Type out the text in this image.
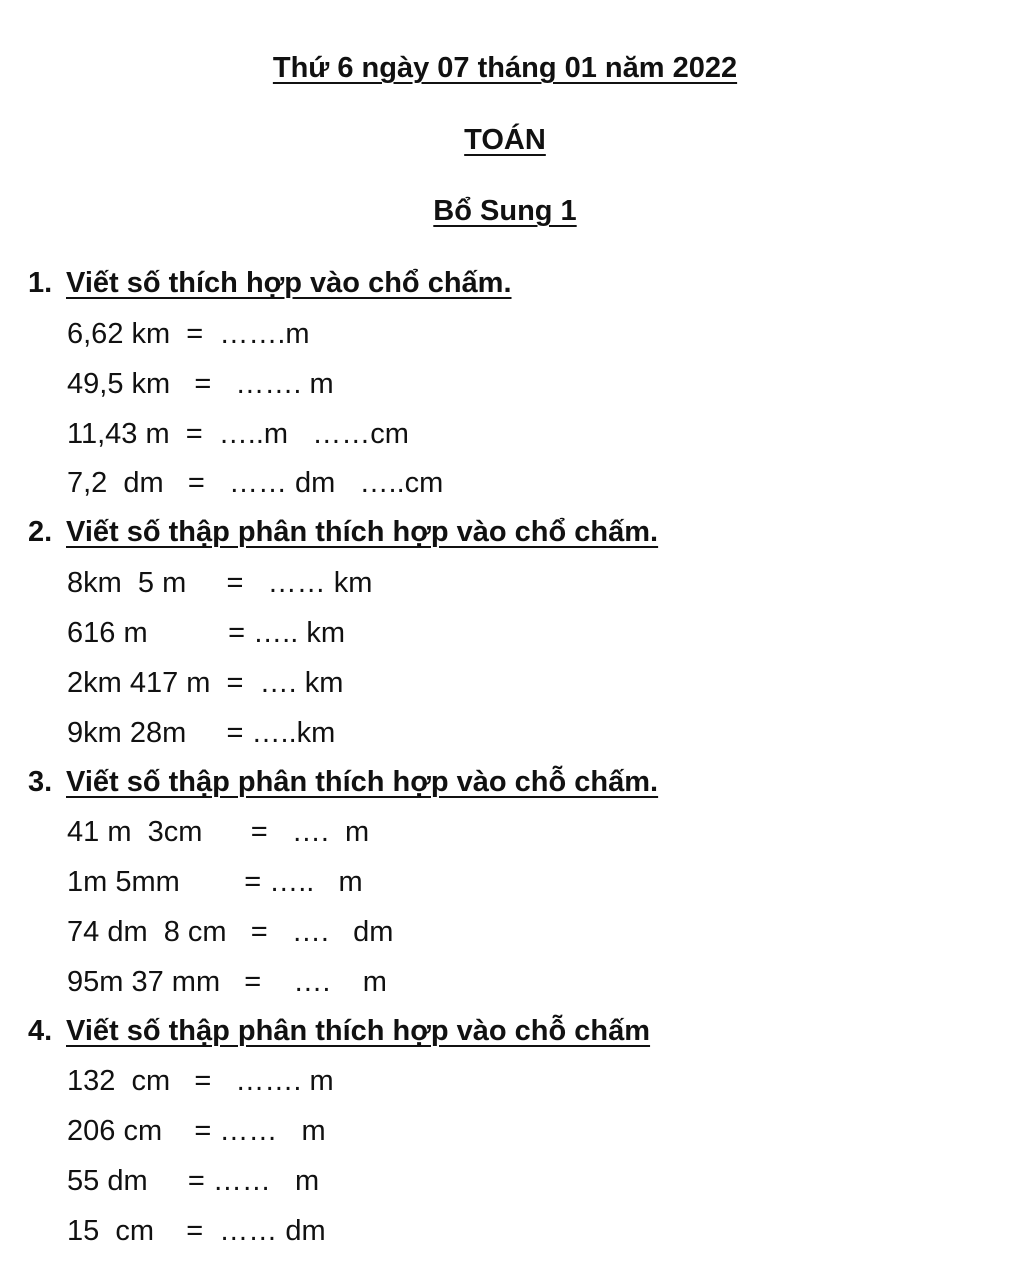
Thứ 6 ngày 07 tháng 01 năm 2022
TOÁN
Bổ Sung 1
1. Viết số thích hợp vào chổ chấm.
6,62 km  =  …….m
49,5 km   =   ……. m
11,43 m  =  …..m   ……cm
7,2  dm   =   …… dm   …..cm
2. Viết số thập phân thích hợp vào chổ chấm.
8km  5 m     =   …… km
616 m          = ….. km
2km 417 m  =  …. km
9km 28m     = …..km
3. Viết số thập phân thích hợp vào chỗ chấm.
41 m  3cm      =   ….  m
1m 5mm        = …..   m
74 dm  8 cm   =   ….   dm
95m 37 mm   =    ….    m
4. Viết số thập phân thích hợp vào chỗ chấm
132  cm   =   ……. m
206 cm    = ……   m
55 dm     = ……   m
15  cm    =  …… dm
